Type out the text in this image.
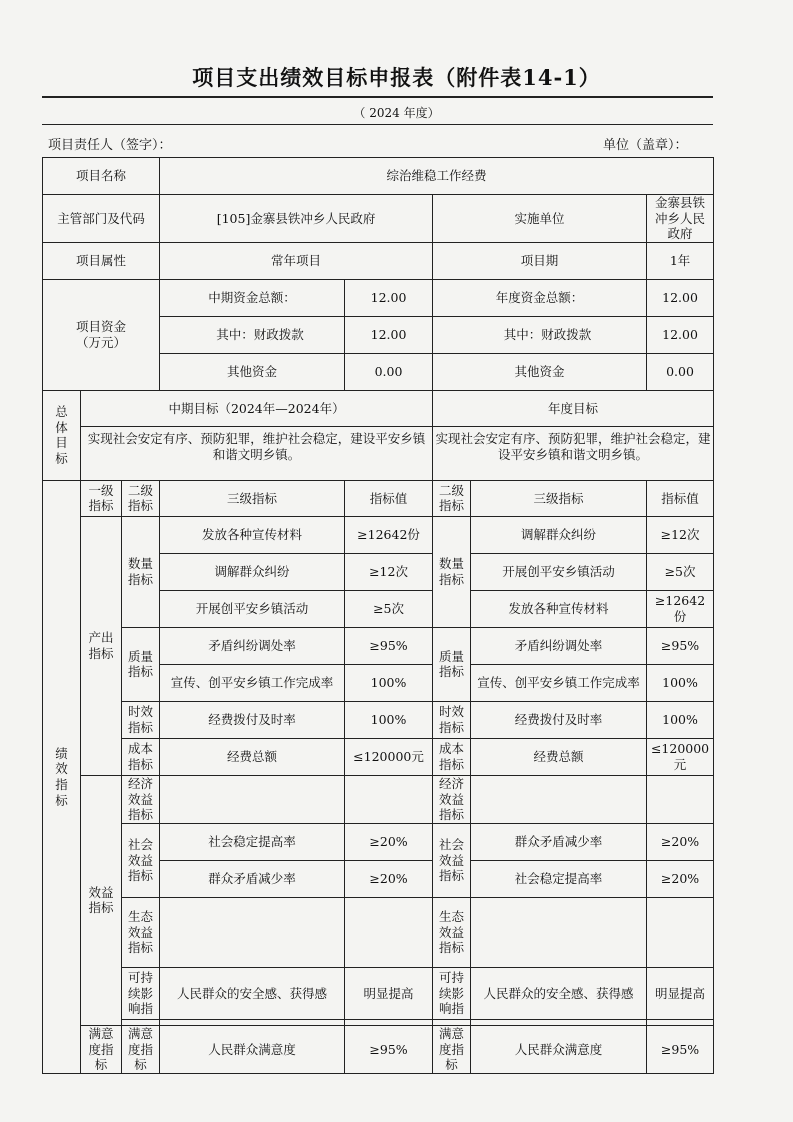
项目支出绩效目标申报表（附件表14-1）
（ 2024 年度）
项目责任人（签字）：	单位（盖章）：
项目名称			综治维稳工作经费				
主管部门及代码			[105]金寨县铁冲乡人民政府		实施单位		金寨县铁冲乡人民政府
项目属性			常年项目		项目期		1年
项目资金（万元）			中期资金总额：	12.00	年度资金总额：		12.00
			其中：财政拨款	12.00	其中：财政拨款		12.00
			其他资金	0.00	其他资金		0.00
总体目标	中期目标（2024年—2024年）				年度目标		
	实现社会安定有序、预防犯罪，维护社会稳定，建设平安乡镇和谐文明乡镇。				实现社会安定有序、预防犯罪，维护社会稳定，建设平安乡镇和谐文明乡镇。		
绩效指标	一级指标	二级指标	三级指标	指标值	二级指标	三级指标	指标值
	产出指标	数量指标	发放各种宣传材料	≥12642份	数量指标	调解群众纠纷	≥12次
			调解群众纠纷	≥12次		开展创平安乡镇活动	≥5次
			开展创平安乡镇活动	≥5次		发放各种宣传材料	≥12642份
		质量指标	矛盾纠纷调处率	≥95%	质量指标	矛盾纠纷调处率	≥95%
			宣传、创平安乡镇工作完成率	100%		宣传、创平安乡镇工作完成率	100%
		时效指标	经费拨付及时率	100%	时效指标	经费拨付及时率	100%
		成本指标	经费总额	≤120000元	成本指标	经费总额	≤120000元
	效益指标	经济效益指标			经济效益指标		
		社会效益指标	社会稳定提高率	≥20%	社会效益指标	群众矛盾减少率	≥20%
			群众矛盾减少率	≥20%		社会稳定提高率	≥20%
		生态效益指标			生态效益指标		
		可持续影响指	人民群众的安全感、获得感	明显提高	可持续影响指	人民群众的安全感、获得感	明显提高

	满意度指标	满意度指标	人民群众满意度	≥95%	满意度指标	人民群众满意度	≥95%
